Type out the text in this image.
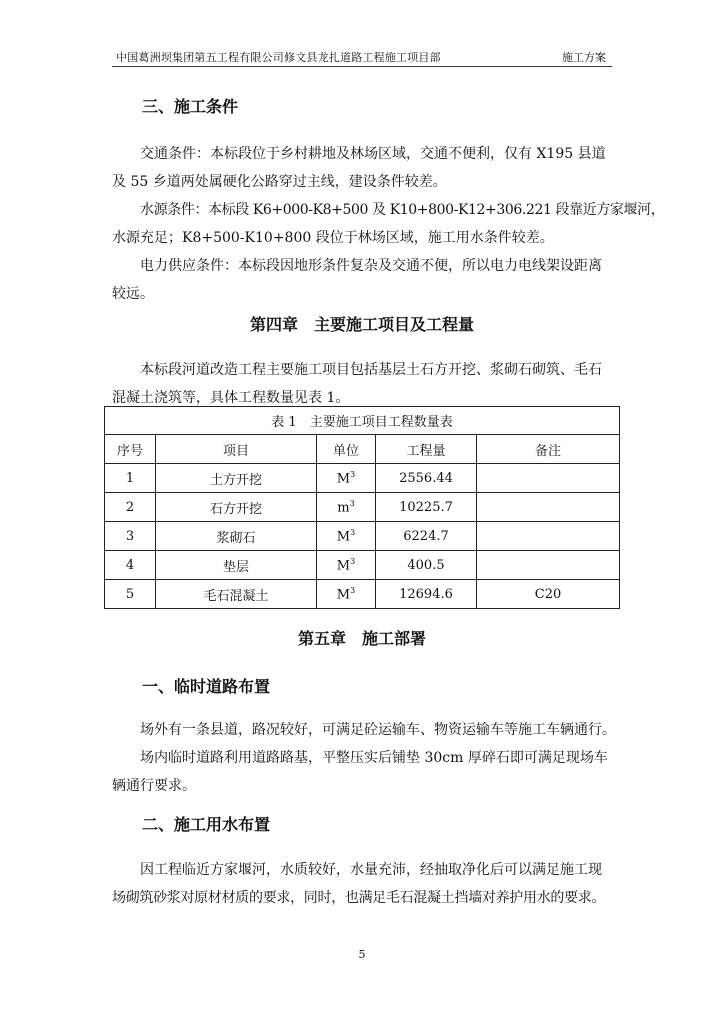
中国葛洲坝集团第五工程有限公司修文县龙扎道路工程施工项目部	施工方案
三、施工条件
交通条件：本标段位于乡村耕地及林场区域，交通不便利，仅有 X195 县道
及 55 乡道两处属硬化公路穿过主线，建设条件较差。
水源条件：本标段 K6+000-K8+500 及 K10+800-K12+306.221 段靠近方家堰河，
水源充足；K8+500-K10+800 段位于林场区域，施工用水条件较差。
电力供应条件：本标段因地形条件复杂及交通不便，所以电力电线架设距离
较远。
第四章　主要施工项目及工程量
本标段河道改造工程主要施工项目包括基层土石方开挖、浆砌石砌筑、毛石
混凝土浇筑等，具体工程数量见表 1。
表 1　主要施工项目工程数量表				
序号	项目	单位	工程量	备注
1	土方开挖	$M^3$	2556.44	
2	石方开挖	$m^3$	10225.7	
3	浆砌石	$M^3$	6224.7	
4	垫层	$M^3$	400.5	
5	毛石混凝土	$M^3$	12694.6	C20
第五章　施工部署
一、临时道路布置
场外有一条县道，路况较好，可满足砼运输车、物资运输车等施工车辆通行。
场内临时道路利用道路路基，平整压实后铺垫 30cm 厚碎石即可满足现场车
辆通行要求。
二、施工用水布置
因工程临近方家堰河，水质较好，水量充沛，经抽取净化后可以满足施工现
场砌筑砂浆对原材材质的要求，同时，也满足毛石混凝土挡墙对养护用水的要求。
5
